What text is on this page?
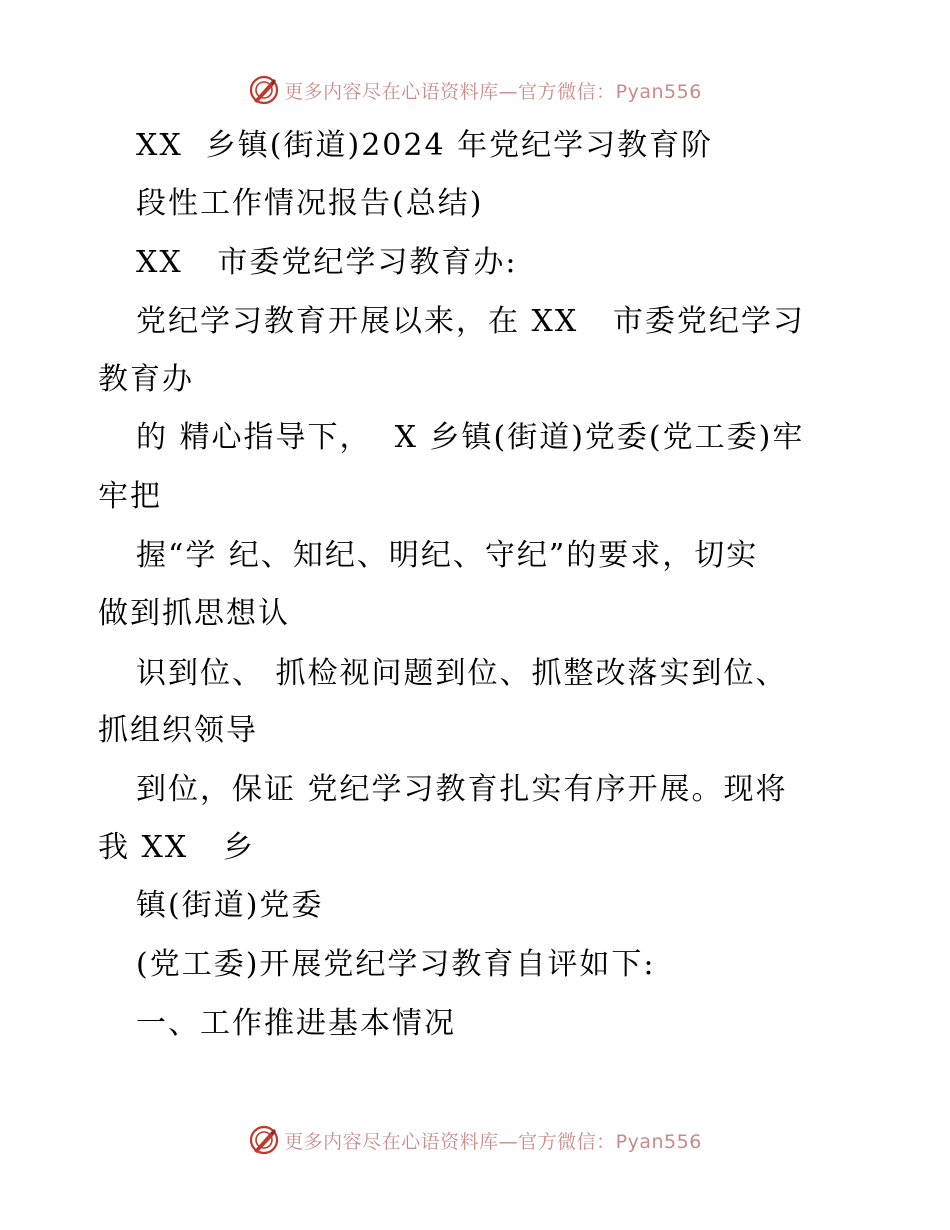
更多内容尽在心语资料库—官方微信：Pyan556
XX  乡镇(街道)2024 年党纪学习教育阶
段性工作情况报告(总结)
XX   市委党纪学习教育办:
党纪学习教育开展以来，在 XX   市委党纪学习
教育办
的 精心指导下，  X 乡镇(街道)党委(党工委)牢
牢把
握“学 纪、知纪、明纪、守纪”的要求，切实
做到抓思想认
识到位、 抓检视问题到位、抓整改落实到位、
抓组织领导
到位，保证 党纪学习教育扎实有序开展。现将
我 XX   乡
镇(街道)党委
(党工委)开展党纪学习教育自评如下:
一、工作推进基本情况
更多内容尽在心语资料库—官方微信：Pyan556
